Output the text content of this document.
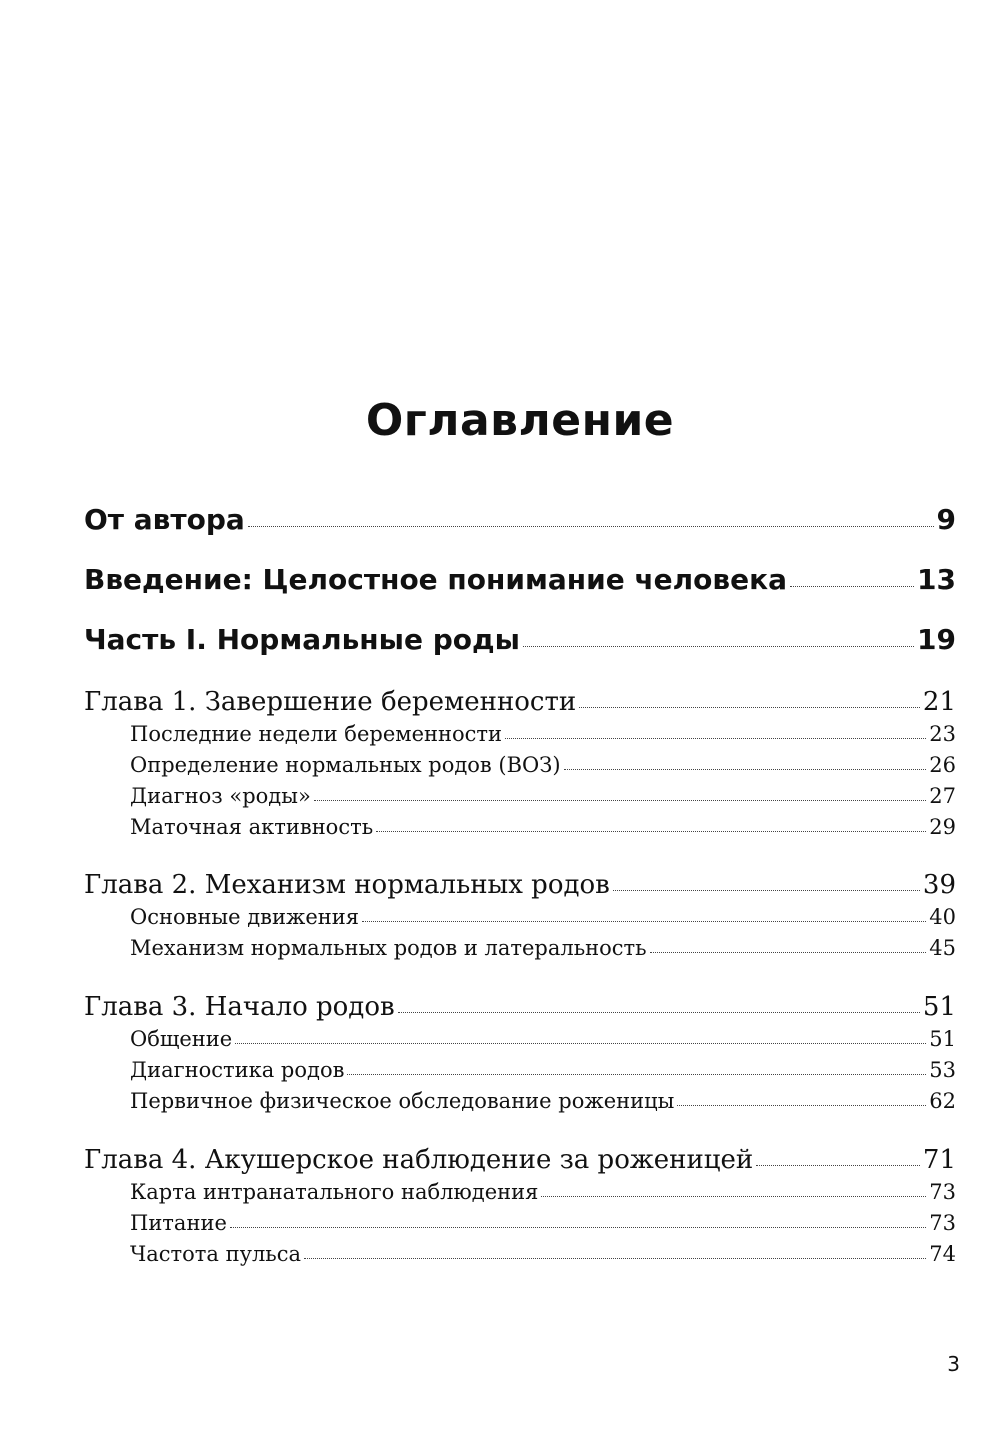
Оглавление
От автора	9
Введение: Целостное понимание человека	13
Часть I. Нормальные роды	19
Глава 1. Завершение беременности	21
Последние недели беременности	23
Определение нормальных родов (ВОЗ)	26
Диагноз «роды»	27
Маточная активность	29
Глава 2. Механизм нормальных родов	39
Основные движения	40
Механизм нормальных родов и латеральность	45
Глава 3. Начало родов	51
Общение	51
Диагностика родов	53
Первичное физическое обследование роженицы	62
Глава 4. Акушерское наблюдение за роженицей	71
Карта интранатального наблюдения	73
Питание	73
Частота пульса	74
3
